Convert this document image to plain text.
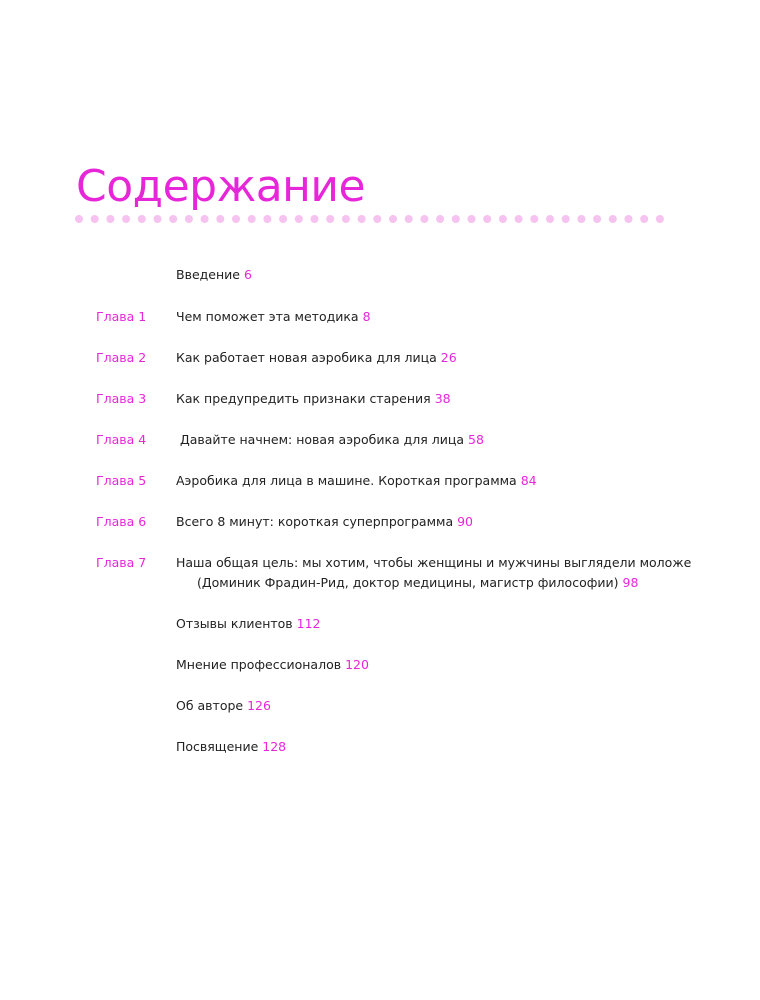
Содержание
Введение 6
Глава 1 Чем поможет эта методика 8
Глава 2 Как работает новая аэробика для лица 26
Глава 3 Как предупредить признаки старения 38
Глава 4 Давайте начнем: новая аэробика для лица 58
Глава 5 Аэробика для лица в машине. Короткая программа 84
Глава 6 Всего 8 минут: короткая суперпрограмма 90
Глава 7 Наша общая цель: мы хотим, чтобы женщины и мужчины выглядели моложе
(Доминик Фрадин-Рид, доктор медицины, магистр философии) 98
Отзывы клиентов 112
Мнение профессионалов 120
Об авторе 126
Посвящение 128
